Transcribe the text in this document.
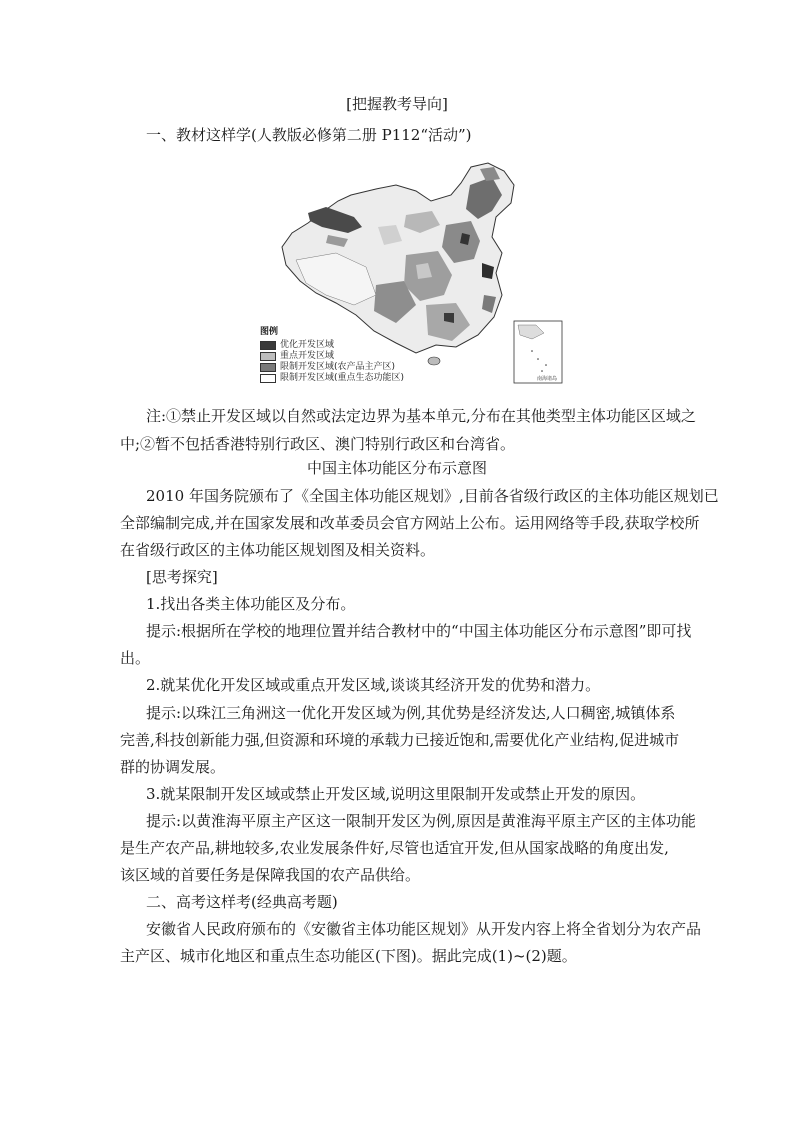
[把握教考导向]
一、教材这样学(人教版必修第二册 P112“活动”)
图例
优化开发区域
重点开发区域
限制开发区域(农产品主产区)
限制开发区域(重点生态功能区)	南海诸岛
注:①禁止开发区域以自然或法定边界为基本单元,分布在其他类型主体功能区区域之
中;②暂不包括香港特别行政区、澳门特别行政区和台湾省。
中国主体功能区分布示意图
2010 年国务院颁布了《全国主体功能区规划》,目前各省级行政区的主体功能区规划已
全部编制完成,并在国家发展和改革委员会官方网站上公布。运用网络等手段,获取学校所
在省级行政区的主体功能区规划图及相关资料。
[思考探究]
1.找出各类主体功能区及分布。
提示:根据所在学校的地理位置并结合教材中的“中国主体功能区分布示意图”即可找
出。
2.就某优化开发区域或重点开发区域,谈谈其经济开发的优势和潜力。
提示:以珠江三角洲这一优化开发区域为例,其优势是经济发达,人口稠密,城镇体系
完善,科技创新能力强,但资源和环境的承载力已接近饱和,需要优化产业结构,促进城市
群的协调发展。
3.就某限制开发区域或禁止开发区域,说明这里限制开发或禁止开发的原因。
提示:以黄淮海平原主产区这一限制开发区为例,原因是黄淮海平原主产区的主体功能
是生产农产品,耕地较多,农业发展条件好,尽管也适宜开发,但从国家战略的角度出发,
该区域的首要任务是保障我国的农产品供给。
二、高考这样考(经典高考题)
安徽省人民政府颁布的《安徽省主体功能区规划》从开发内容上将全省划分为农产品
主产区、城市化地区和重点生态功能区(下图)。据此完成(1)~(2)题。
